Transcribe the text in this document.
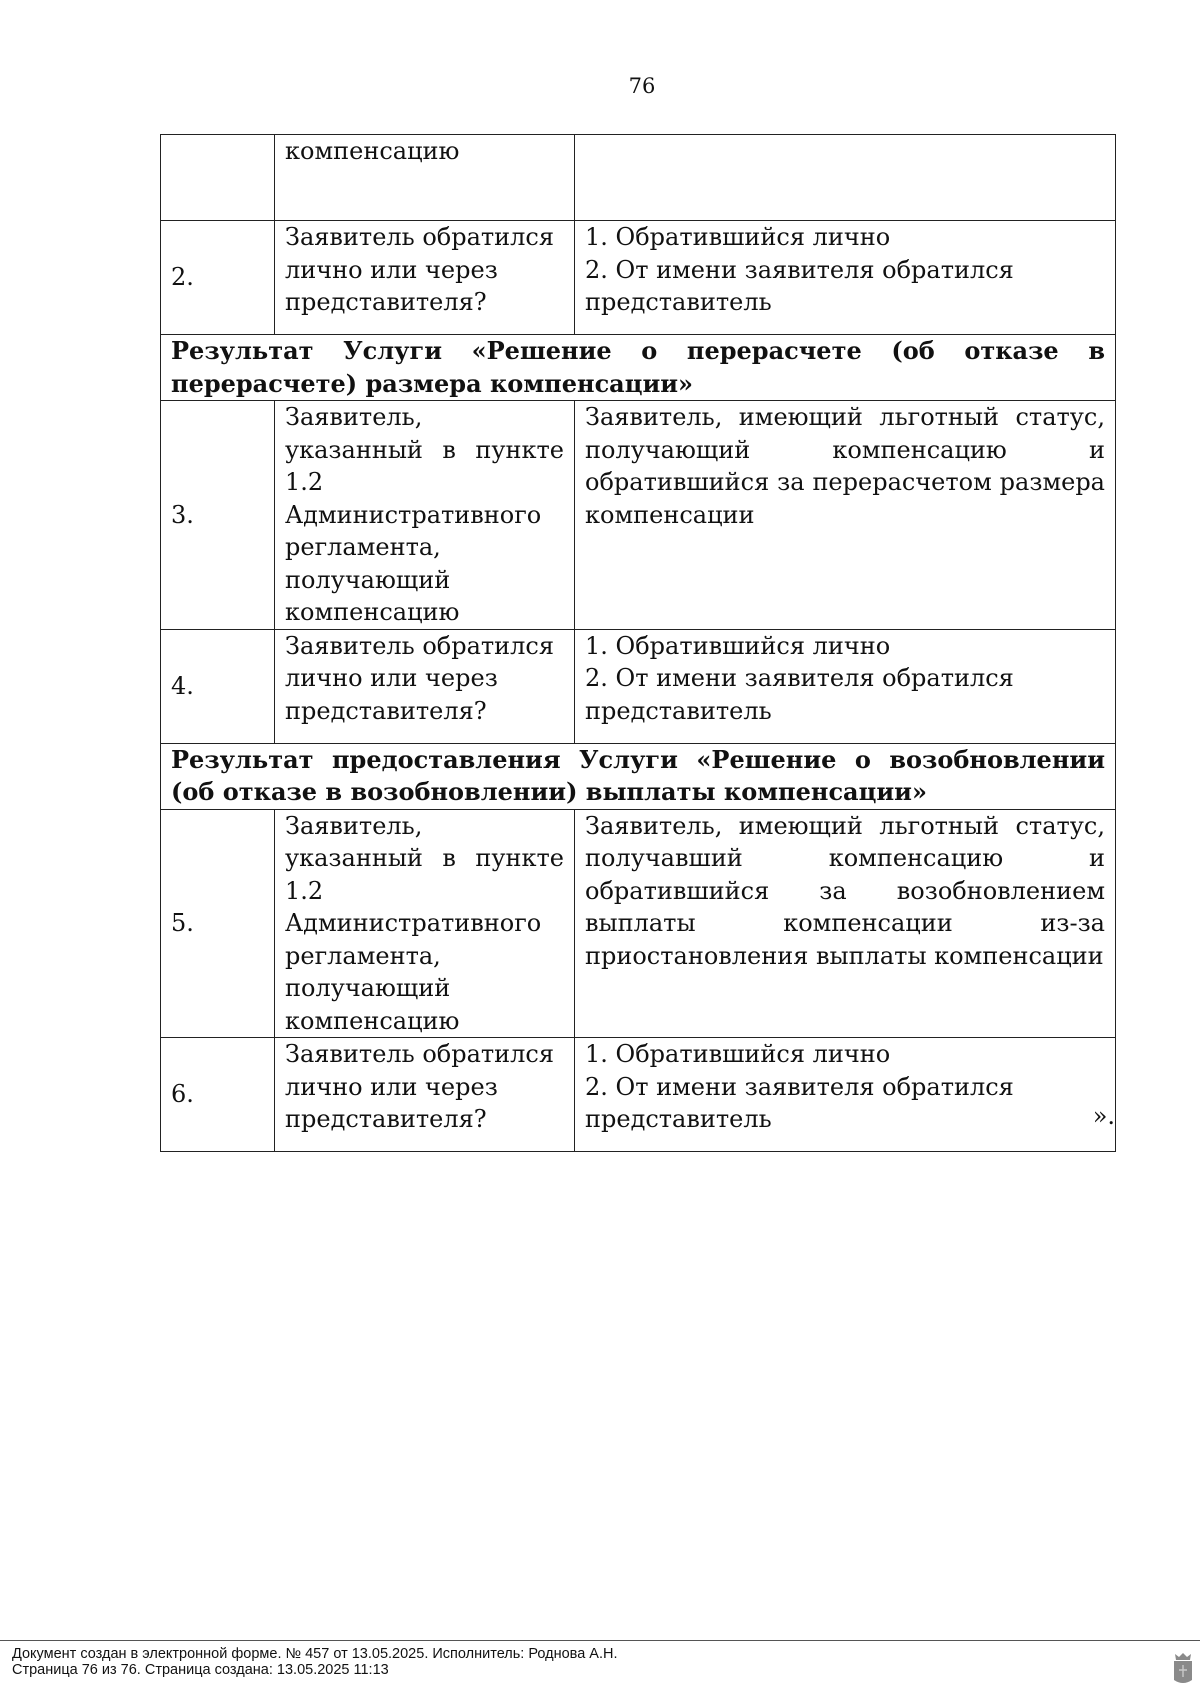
76
	компенсацию	
2.	Заявитель обратился лично или через представителя?	1. Обратившийся лично
2. От имени заявителя обратился
представитель

Результат Услуги «Решение о перерасчете (об отказе в перерасчете) размера компенсации»		
3.	Заявитель, указанный в пункте 1.2 Административного регламента, получающий компенсацию	Заявитель, имеющий льготный статус, получающий компенсацию и обратившийся за перерасчетом размера компенсации
4.	Заявитель обратился лично или через представителя?	1. Обратившийся лично
2. От имени заявителя обратился
представитель

Результат предоставления Услуги «Решение о возобновлении (об отказе в возобновлении) выплаты компенсации»		
5.	Заявитель, указанный в пункте 1.2 Административного регламента, получающий компенсацию	Заявитель, имеющий льготный статус, получавший компенсацию и обратившийся за возобновлением выплаты компенсации из-за приостановления выплаты компенсации
6.	Заявитель обратился лично или через представителя?	1. Обратившийся лично
2. От имени заявителя обратился
представитель	».
Документ создан в электронной форме. № 457 от 13.05.2025. Исполнитель: Роднова А.Н.
Страница 76 из 76. Страница создана: 13.05.2025 11:13
